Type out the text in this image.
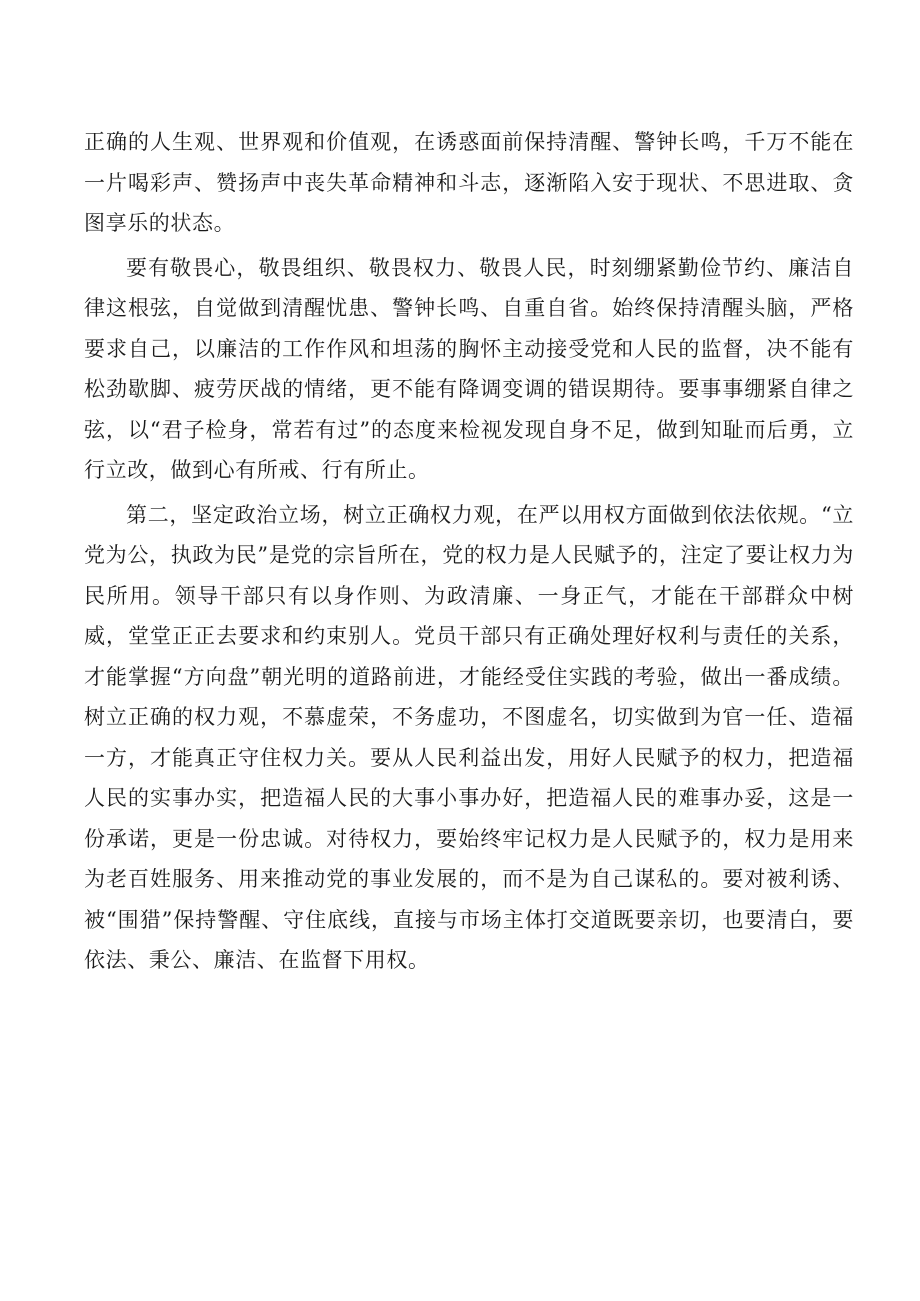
正确的人生观、世界观和价值观，在诱惑面前保持清醒、警钟长鸣，千万不能在一片喝彩声、赞扬声中丧失革命精神和斗志，逐渐陷入安于现状、不思进取、贪图享乐的状态。

要有敬畏心，敬畏组织、敬畏权力、敬畏人民，时刻绷紧勤俭节约、廉洁自律这根弦，自觉做到清醒忧患、警钟长鸣、自重自省。始终保持清醒头脑，严格要求自己，以廉洁的工作作风和坦荡的胸怀主动接受党和人民的监督，决不能有松劲歇脚、疲劳厌战的情绪，更不能有降调变调的错误期待。要事事绷紧自律之弦，以“君子检身，常若有过”的态度来检视发现自身不足，做到知耻而后勇，立行立改，做到心有所戒、行有所止。

第二，坚定政治立场，树立正确权力观，在严以用权方面做到依法依规。“立党为公，执政为民”是党的宗旨所在，党的权力是人民赋予的，注定了要让权力为民所用。领导干部只有以身作则、为政清廉、一身正气，才能在干部群众中树威，堂堂正正去要求和约束别人。党员干部只有正确处理好权利与责任的关系，才能掌握“方向盘”朝光明的道路前进，才能经受住实践的考验，做出一番成绩。树立正确的权力观，不慕虚荣，不务虚功，不图虚名，切实做到为官一任、造福一方，才能真正守住权力关。要从人民利益出发，用好人民赋予的权力，把造福人民的实事办实，把造福人民的大事小事办好，把造福人民的难事办妥，这是一份承诺，更是一份忠诚。对待权力，要始终牢记权力是人民赋予的，权力是用来为老百姓服务、用来推动党的事业发展的，而不是为自己谋私的。要对被利诱、被“围猎”保持警醒、守住底线，直接与市场主体打交道既要亲切，也要清白，要依法、秉公、廉洁、在监督下用权。
